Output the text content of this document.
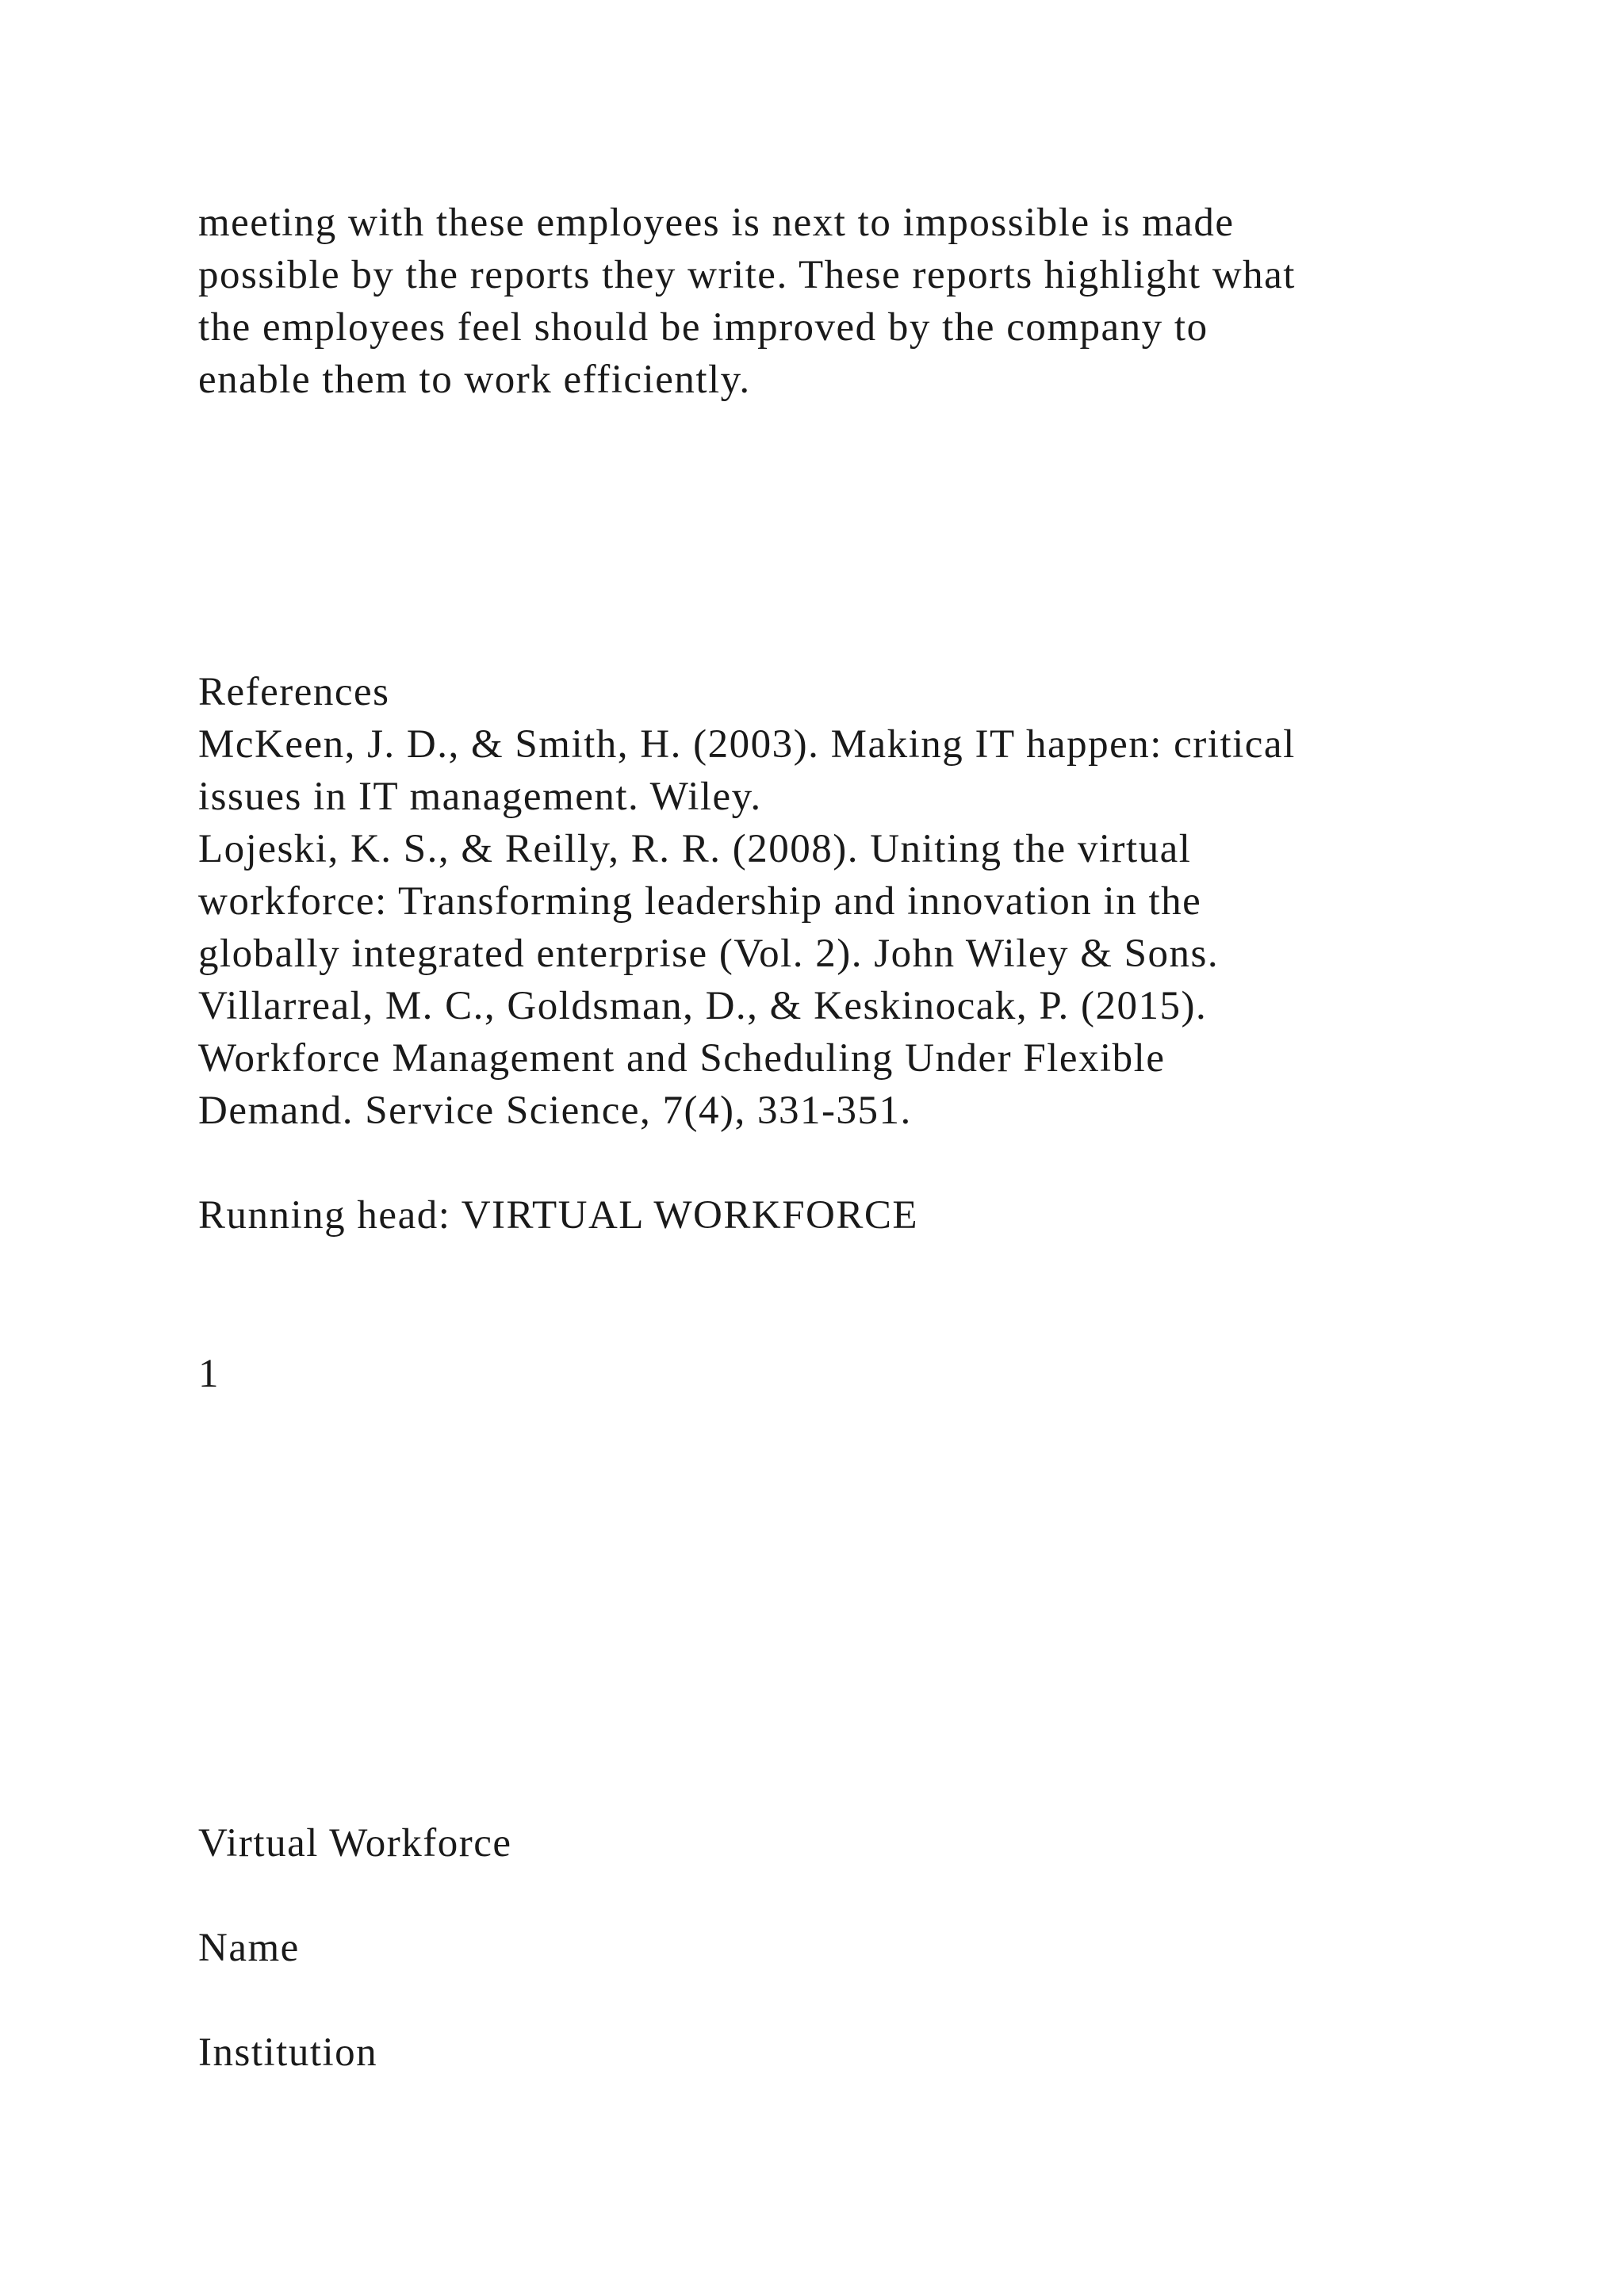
meeting with these employees is next to impossible is made

possible by the reports they write. These reports highlight what

the employees feel should be improved by the company to

enable them to work efficiently.

References

McKeen, J. D., & Smith, H. (2003). Making IT happen: critical

issues in IT management. Wiley.

Lojeski, K. S., & Reilly, R. R. (2008). Uniting the virtual

workforce: Transforming leadership and innovation in the

globally integrated enterprise (Vol. 2). John Wiley & Sons.

Villarreal, M. C., Goldsman, D., & Keskinocak, P. (2015).

Workforce Management and Scheduling Under Flexible

Demand. Service Science, 7(4), 331-351.

Running head: VIRTUAL WORKFORCE

1

Virtual Workforce

Name

Institution
